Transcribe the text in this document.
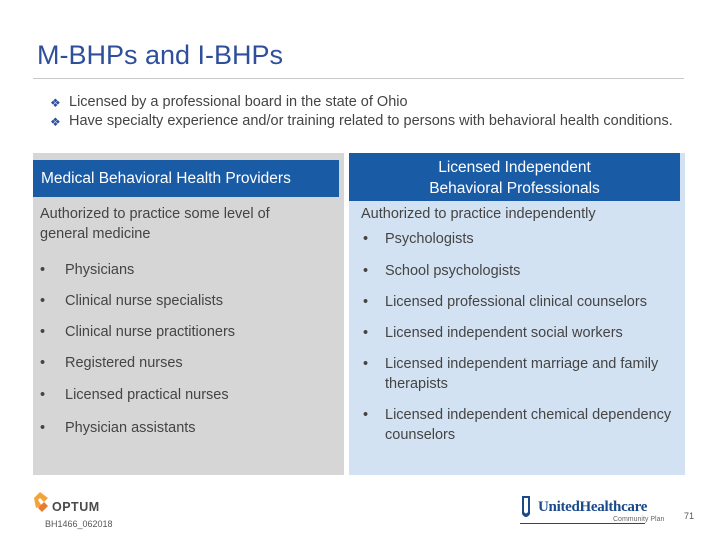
M-BHPs and I-BHPs
❖ Licensed by a professional board in the state of Ohio
❖ Have specialty experience and/or training related to persons with behavioral health conditions.
Medical Behavioral Health Providers
Licensed Independent
Behavioral Professionals
Authorized to practice some level of general medicine
Authorized to practice independently
•	Physicians
•	Clinical nurse specialists
•	Clinical nurse practitioners
•	Registered nurses
•	Licensed practical nurses
•	Physician assistants
•	Psychologists
•	School psychologists
•	Licensed professional clinical counselors
•	Licensed independent social workers
•	Licensed independent marriage and family therapists
•	Licensed independent chemical dependency counselors
OPTUM
BH1466_062018
UnitedHealthcare
Community Plan 71
